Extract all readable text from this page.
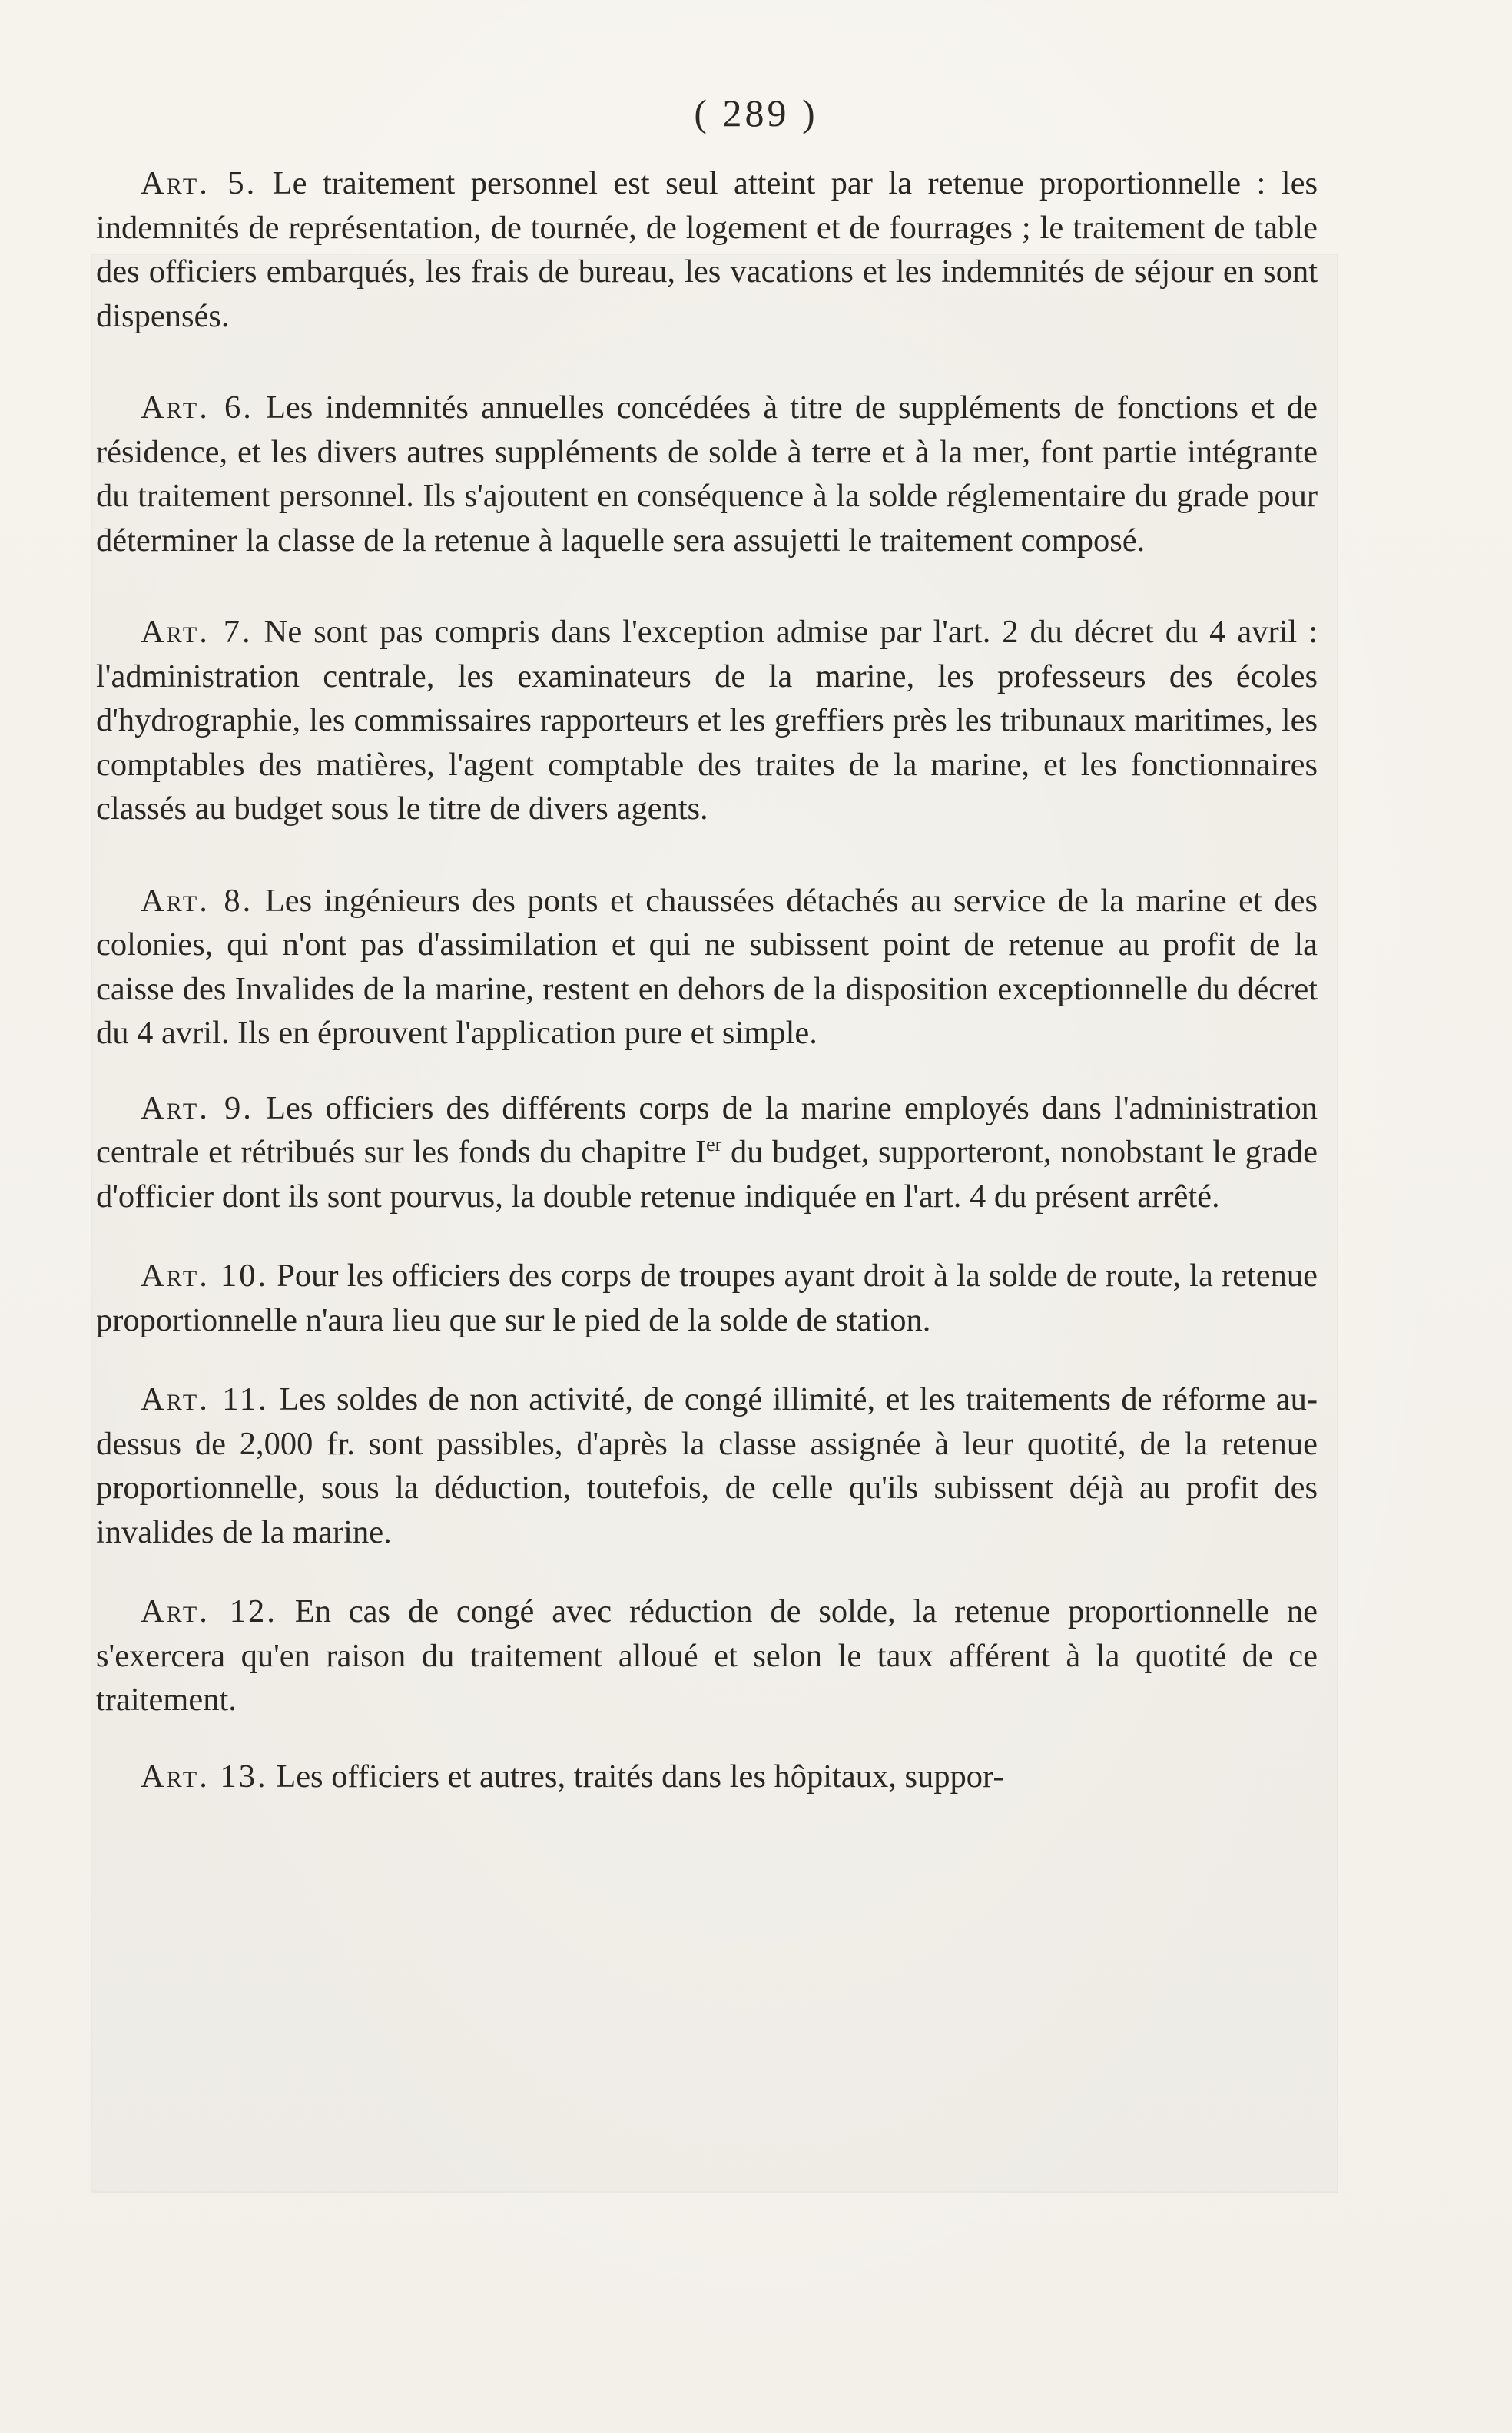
( 289 )

Art. 5. Le traitement personnel est seul atteint par la retenue proportionnelle : les indemnités de représentation, de tournée, de logement et de fourrages ; le traitement de table des officiers embarqués, les frais de bureau, les vacations et les indemnités de séjour en sont dispensés.

Art. 6. Les indemnités annuelles concédées à titre de suppléments de fonctions et de résidence, et les divers autres suppléments de solde à terre et à la mer, font partie intégrante du traitement personnel. Ils s'ajoutent en conséquence à la solde réglementaire du grade pour déterminer la classe de la retenue à laquelle sera assujetti le traitement composé.

Art. 7. Ne sont pas compris dans l'exception admise par l'art. 2 du décret du 4 avril : l'administration centrale, les examinateurs de la marine, les professeurs des écoles d'hydrographie, les commissaires rapporteurs et les greffiers près les tribunaux maritimes, les comptables des matières, l'agent comptable des traites de la marine, et les fonctionnaires classés au budget sous le titre de divers agents.

Art. 8. Les ingénieurs des ponts et chaussées détachés au service de la marine et des colonies, qui n'ont pas d'assimilation et qui ne subissent point de retenue au profit de la caisse des Invalides de la marine, restent en dehors de la disposition exceptionnelle du décret du 4 avril. Ils en éprouvent l'application pure et simple.

Art. 9. Les officiers des différents corps de la marine employés dans l'administration centrale et rétribués sur les fonds du chapitre Ier du budget, supporteront, nonobstant le grade d'officier dont ils sont pourvus, la double retenue indiquée en l'art. 4 du présent arrêté.

Art. 10. Pour les officiers des corps de troupes ayant droit à la solde de route, la retenue proportionnelle n'aura lieu que sur le pied de la solde de station.

Art. 11. Les soldes de non activité, de congé illimité, et les traitements de réforme au-dessus de 2,000 fr. sont passibles, d'après la classe assignée à leur quotité, de la retenue proportionnelle, sous la déduction, toutefois, de celle qu'ils subissent déjà au profit des invalides de la marine.

Art. 12. En cas de congé avec réduction de solde, la retenue proportionnelle ne s'exercera qu'en raison du traitement alloué et selon le taux afférent à la quotité de ce traitement.

Art. 13. Les officiers et autres, traités dans les hôpitaux, suppor-
